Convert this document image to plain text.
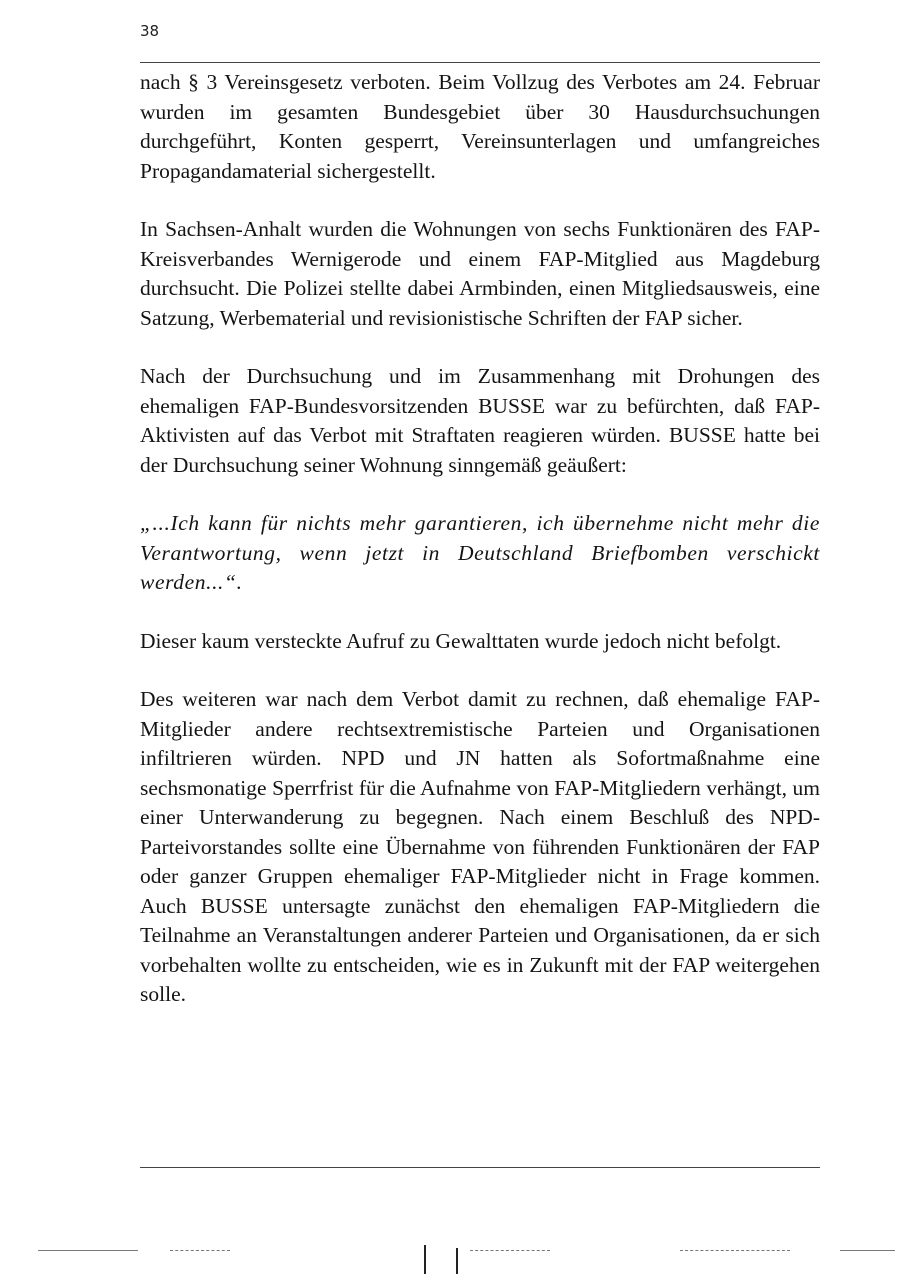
38

nach § 3 Vereinsgesetz verboten. Beim Vollzug des Verbotes am 24. Februar wurden im gesamten Bundesgebiet über 30 Hausdurchsuchungen durchgeführt, Konten gesperrt, Vereinsunterlagen und umfangreiches Propagandamaterial sichergestellt.

In Sachsen-Anhalt wurden die Wohnungen von sechs Funktionären des FAP-Kreisverbandes Wernigerode und einem FAP-Mitglied aus Magdeburg durchsucht. Die Polizei stellte dabei Armbinden, einen Mitgliedsausweis, eine Satzung, Werbematerial und revisionistische Schriften der FAP sicher.

Nach der Durchsuchung und im Zusammenhang mit Drohungen des ehemaligen FAP-Bundesvorsitzenden BUSSE war zu befürchten, daß FAP-Aktivisten auf das Verbot mit Straftaten reagieren würden. BUSSE hatte bei der Durchsuchung seiner Wohnung sinngemäß geäußert:

„...Ich kann für nichts mehr garantieren, ich übernehme nicht mehr die Verantwortung, wenn jetzt in Deutschland Briefbomben verschickt werden...“.

Dieser kaum versteckte Aufruf zu Gewalttaten wurde jedoch nicht befolgt.

Des weiteren war nach dem Verbot damit zu rechnen, daß ehemalige FAP-Mitglieder andere rechtsextremistische Parteien und Organisationen infiltrieren würden. NPD und JN hatten als Sofortmaßnahme eine sechsmonatige Sperrfrist für die Aufnahme von FAP-Mitgliedern verhängt, um einer Unterwanderung zu begegnen. Nach einem Beschluß des NPD-Parteivorstandes sollte eine Übernahme von führenden Funktionären der FAP oder ganzer Gruppen ehemaliger FAP-Mitglieder nicht in Frage kommen. Auch BUSSE untersagte zunächst den ehemaligen FAP-Mitgliedern die Teilnahme an Veranstaltungen anderer Parteien und Organisationen, da er sich vorbehalten wollte zu entscheiden, wie es in Zukunft mit der FAP weitergehen solle.
